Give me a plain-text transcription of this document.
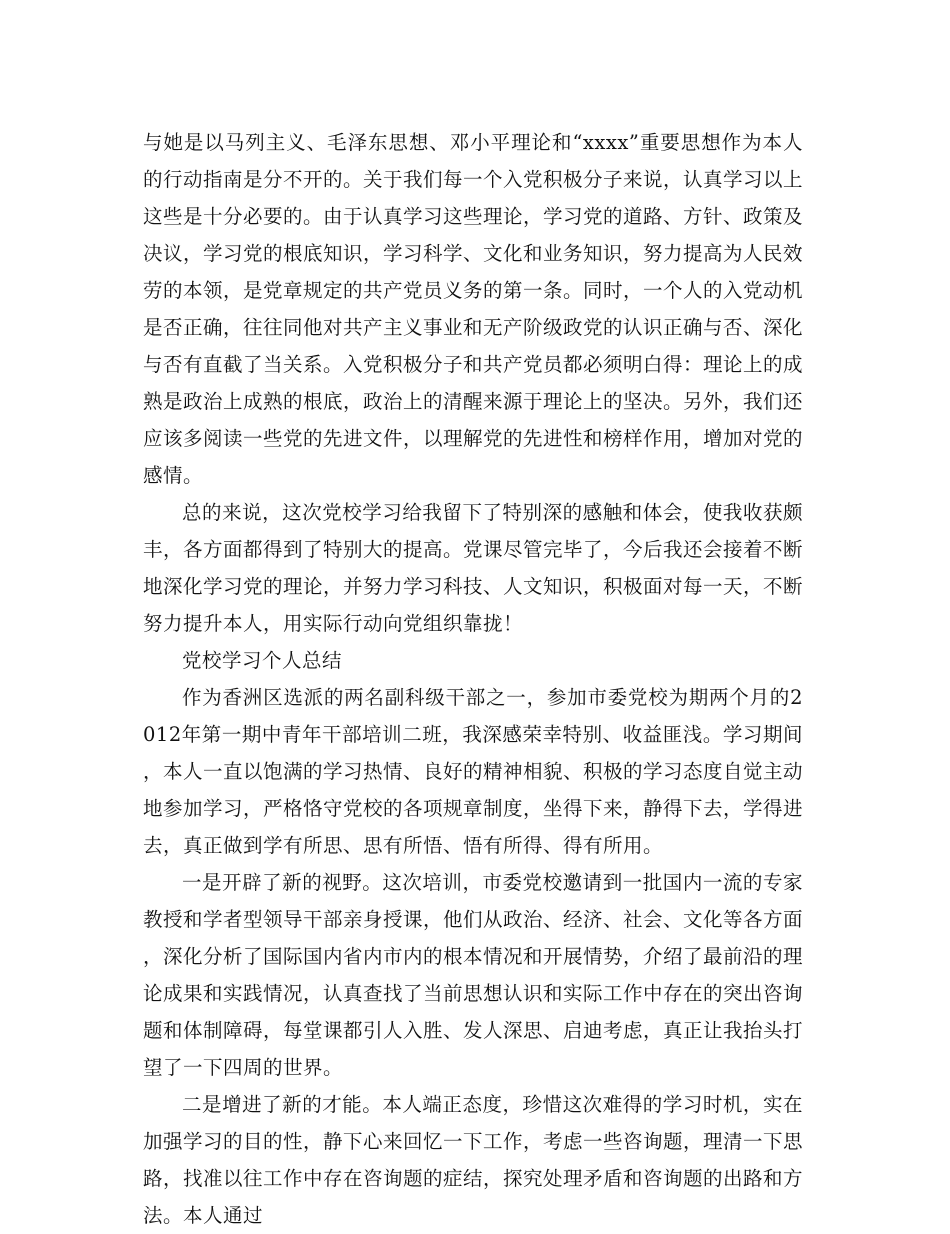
与她是以马列主义、毛泽东思想、邓小平理论和“xxxx”重要思想作为本人的行动指南是分不开的。关于我们每一个入党积极分子来说，认真学习以上这些是十分必要的。由于认真学习这些理论，学习党的道路、方针、政策及决议，学习党的根底知识，学习科学、文化和业务知识，努力提高为人民效劳的本领，是党章规定的共产党员义务的第一条。同时，一个人的入党动机是否正确，往往同他对共产主义事业和无产阶级政党的认识正确与否、深化与否有直截了当关系。入党积极分子和共产党员都必须明白得：理论上的成熟是政治上成熟的根底，政治上的清醒来源于理论上的坚决。另外，我们还应该多阅读一些党的先进文件，以理解党的先进性和榜样作用，增加对党的感情。

总的来说，这次党校学习给我留下了特别深的感触和体会，使我收获颇丰，各方面都得到了特别大的提高。党课尽管完毕了，今后我还会接着不断地深化学习党的理论，并努力学习科技、人文知识，积极面对每一天，不断努力提升本人，用实际行动向党组织靠拢！

党校学习个人总结

作为香洲区选派的两名副科级干部之一，参加市委党校为期两个月的2012年第一期中青年干部培训二班，我深感荣幸特别、收益匪浅。学习期间，本人一直以饱满的学习热情、良好的精神相貌、积极的学习态度自觉主动地参加学习，严格恪守党校的各项规章制度，坐得下来，静得下去，学得进去，真正做到学有所思、思有所悟、悟有所得、得有所用。

一是开辟了新的视野。这次培训，市委党校邀请到一批国内一流的专家教授和学者型领导干部亲身授课，他们从政治、经济、社会、文化等各方面，深化分析了国际国内省内市内的根本情况和开展情势，介绍了最前沿的理论成果和实践情况，认真查找了当前思想认识和实际工作中存在的突出咨询题和体制障碍，每堂课都引人入胜、发人深思、启迪考虑，真正让我抬头打望了一下四周的世界。

二是增进了新的才能。本人端正态度，珍惜这次难得的学习时机，实在加强学习的目的性，静下心来回忆一下工作，考虑一些咨询题，理清一下思路，找准以往工作中存在咨询题的症结，探究处理矛盾和咨询题的出路和方法。本人通过
